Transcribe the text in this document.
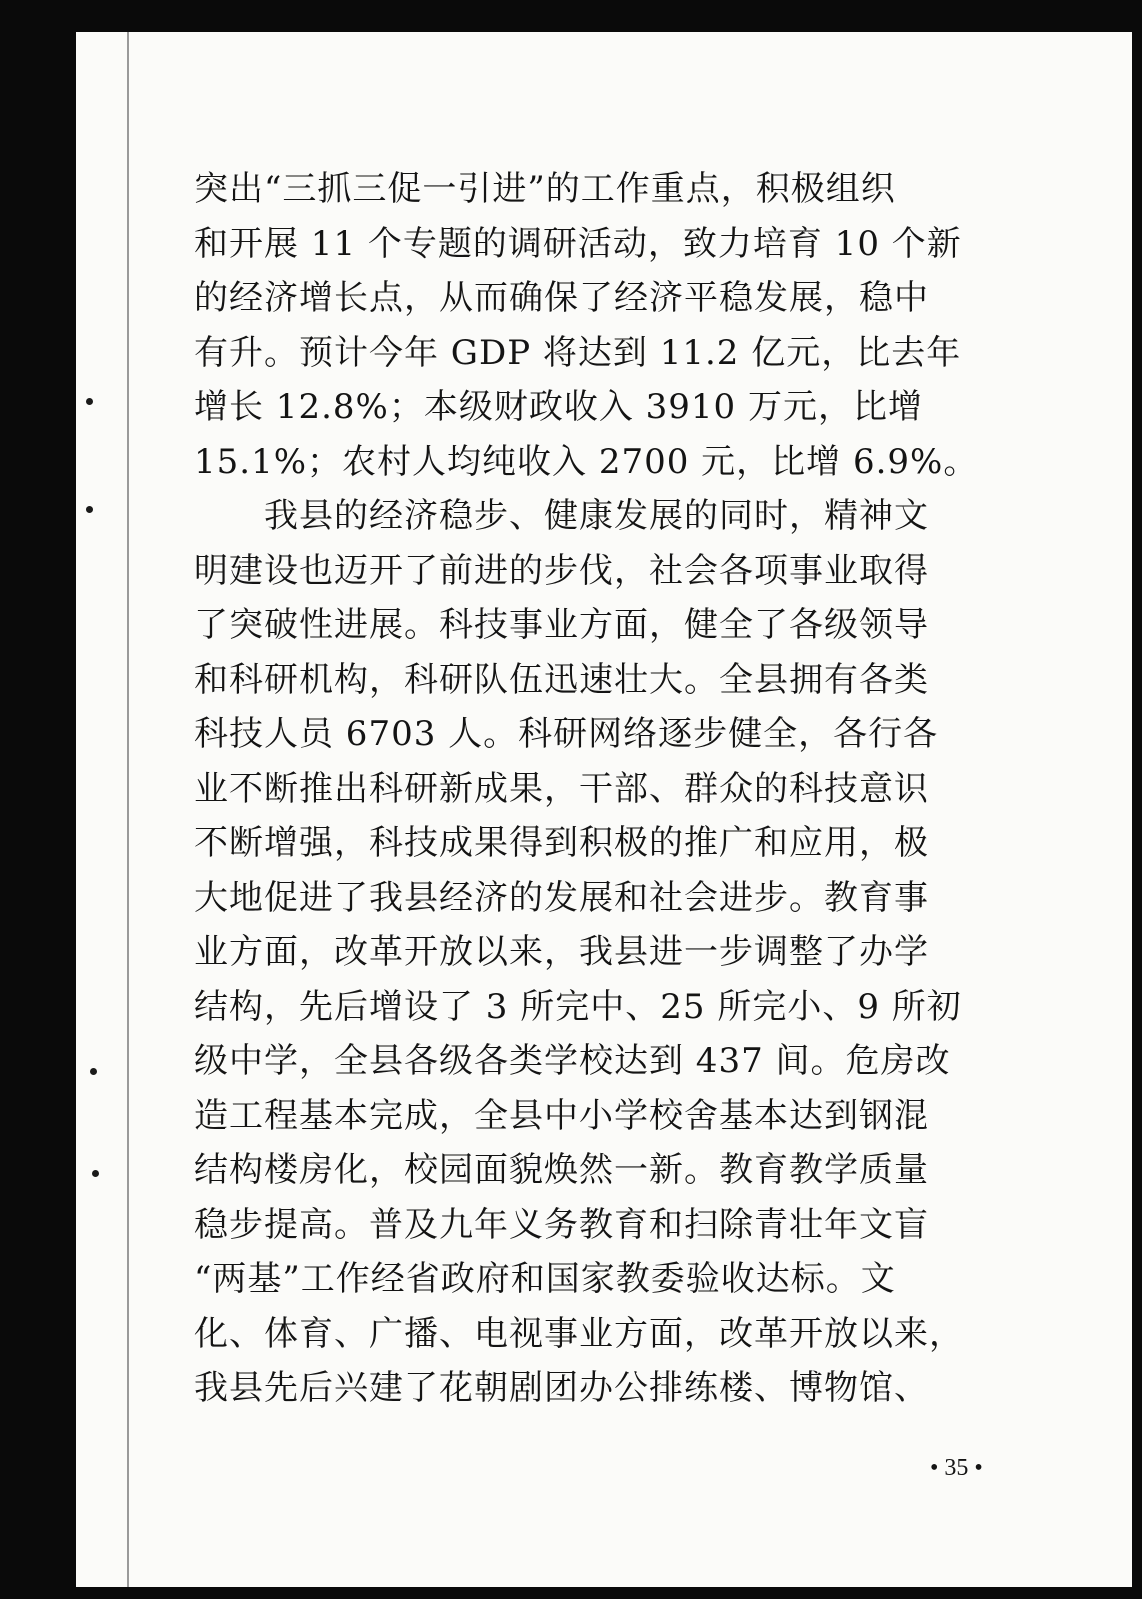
突出“三抓三促一引进”的工作重点，积极组织
和开展 11 个专题的调研活动，致力培育 10 个新
的经济增长点，从而确保了经济平稳发展，稳中
有升。预计今年 GDP 将达到 11.2 亿元，比去年
增长 12.8%；本级财政收入 3910 万元，比增
15.1%；农村人均纯收入 2700 元，比增 6.9%。
我县的经济稳步、健康发展的同时，精神文
明建设也迈开了前进的步伐，社会各项事业取得
了突破性进展。科技事业方面，健全了各级领导
和科研机构，科研队伍迅速壮大。全县拥有各类
科技人员 6703 人。科研网络逐步健全，各行各
业不断推出科研新成果，干部、群众的科技意识
不断增强，科技成果得到积极的推广和应用，极
大地促进了我县经济的发展和社会进步。教育事
业方面，改革开放以来，我县进一步调整了办学
结构，先后增设了 3 所完中、25 所完小、9 所初
级中学，全县各级各类学校达到 437 间。危房改
造工程基本完成，全县中小学校舍基本达到钢混
结构楼房化，校园面貌焕然一新。教育教学质量
稳步提高。普及九年义务教育和扫除青壮年文盲
“两基”工作经省政府和国家教委验收达标。文
化、体育、广播、电视事业方面，改革开放以来，
我县先后兴建了花朝剧团办公排练楼、博物馆、
• 35 •
